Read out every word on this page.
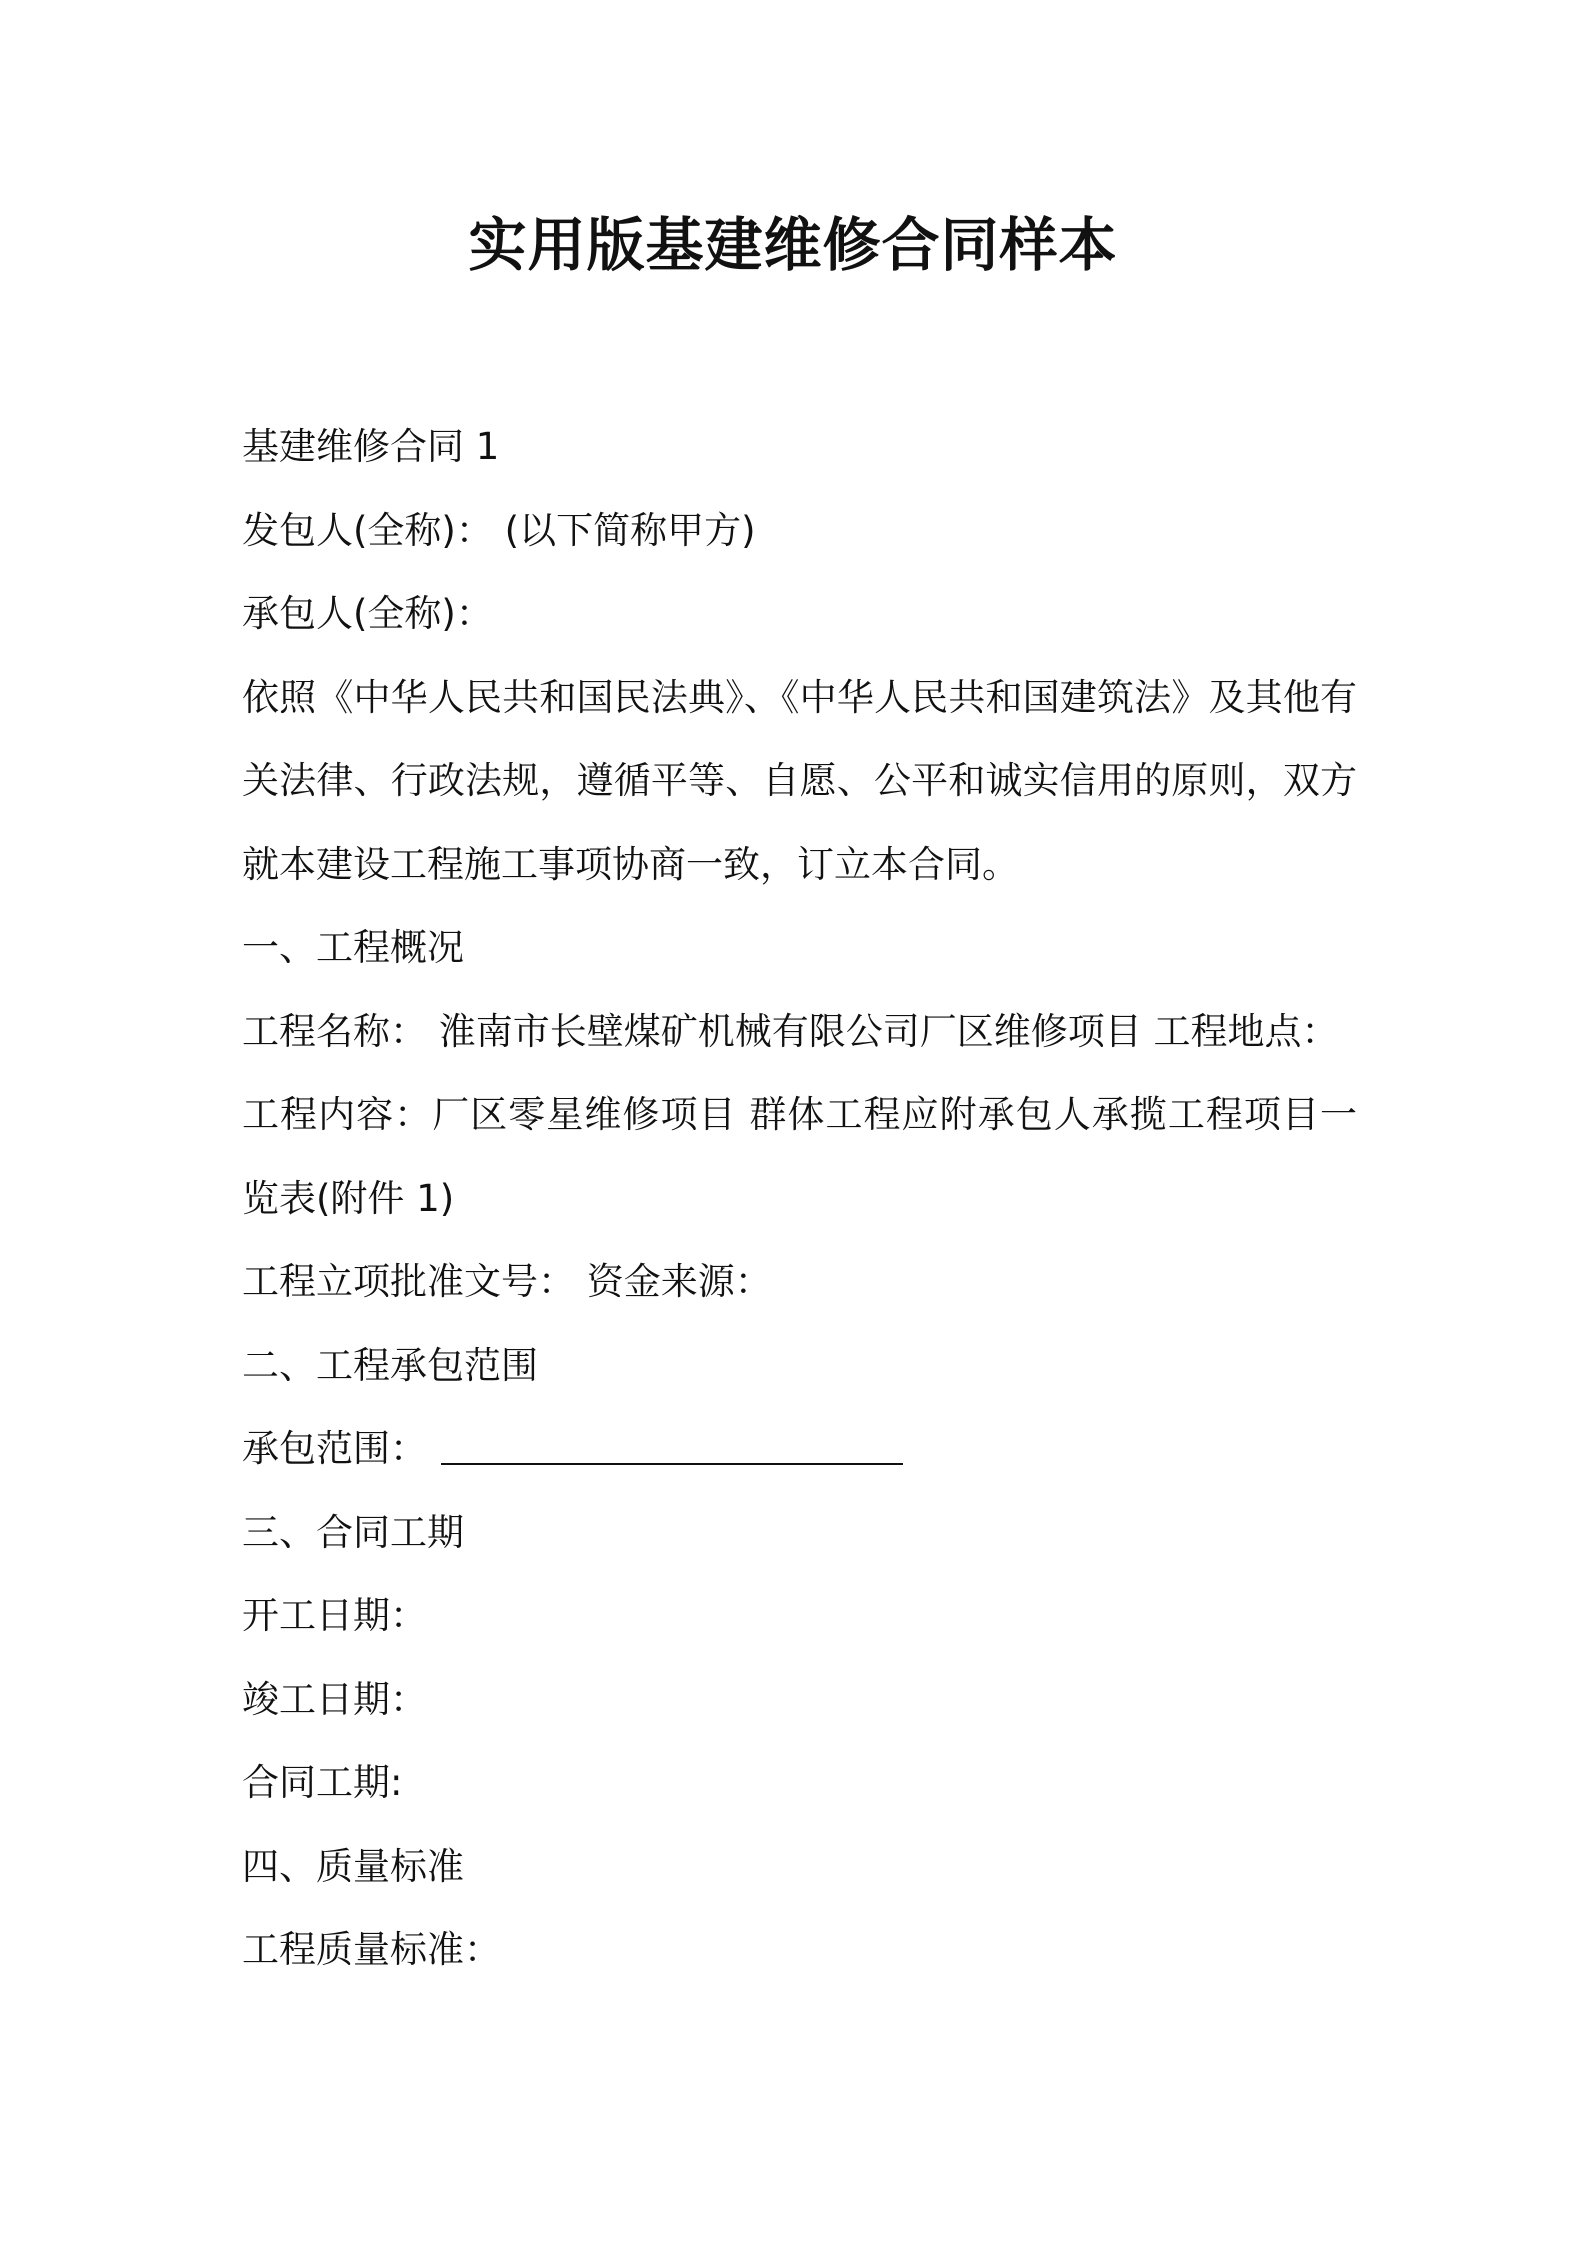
实用版基建维修合同样本
基建维修合同 1
发包人(全称)： (以下简称甲方)
承包人(全称)：
依照《中华人民共和国民法典》、《中华人民共和国建筑法》及其他有
关法律、行政法规，遵循平等、自愿、公平和诚实信用的原则，双方
就本建设工程施工事项协商一致，订立本合同。
一、工程概况
工程名称： 淮南市长壁煤矿机械有限公司厂区维修项目 工程地点：
工程内容：厂区零星维修项目 群体工程应附承包人承揽工程项目一
览表(附件 1)
工程立项批准文号： 资金来源：
二、工程承包范围
承包范围：
三、合同工期
开工日期：
竣工日期：
合同工期:
四、质量标准
工程质量标准：
